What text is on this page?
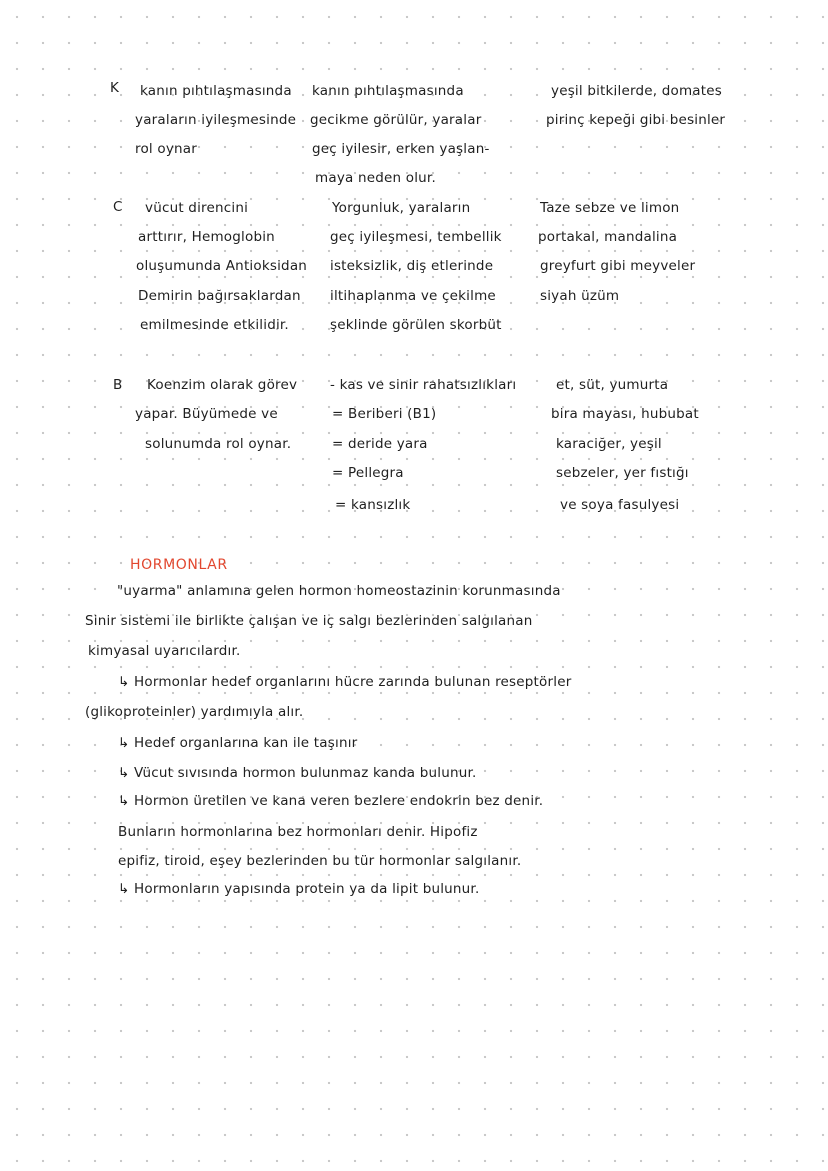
K kanın pıhtılaşmasında
yaraların iyileşmesinde
rol oynar
kanın pıhtılaşmasında
gecikme görülür, yaralar
geç iyilesir, erken yaşlan-
maya neden olur.
yeşil bitkilerde, domates
pirinç kepeği gibi besinler
C vücut direncini
arttırır, Hemoglobin
oluşumunda Antioksidan
Demirin bağırsaklardan
emilmesinde etkilidir.
Yorgunluk, yaraların
geç iyileşmesi, tembellik
isteksizlik, diş etlerinde
iltihaplanma ve çekilme
şeklinde görülen skorbüt
Taze sebze ve limon
portakal, mandalina
greyfurt gibi meyveler
siyah üzüm
B Koenzim olarak görev
yapar. Büyümede ve
solunumda rol oynar.
- kas ve sinir rahatsızlıkları
= Beriberi (B1)
= deride yara
= Pellegra
= kansızlık
et, süt, yumurta
bira mayası, hububat
karaciğer, yeşil
sebzeler, yer fıstığı
ve soya fasulyesi
HORMONLAR
"uyarma" anlamına gelen hormon homeostazinin korunmasında
Sinir sistemi ile birlikte çalışan ve iç salgı bezlerinden salgılanan
kimyasal uyarıcılardır.
↳ Hormonlar hedef organlarını hücre zarında bulunan reseptörler
(glikoproteinler) yardımıyla alır.
↳ Hedef organlarına kan ile taşınır
↳ Vücut sıvısında hormon bulunmaz kanda bulunur.
↳ Hormon üretilen ve kana veren bezlere endokrin bez denir.
Bunların hormonlarına bez hormonları denir. Hipofiz
epifiz, tiroid, eşey bezlerinden bu tür hormonlar salgılanır.
↳ Hormonların yapısında protein ya da lipit bulunur.
